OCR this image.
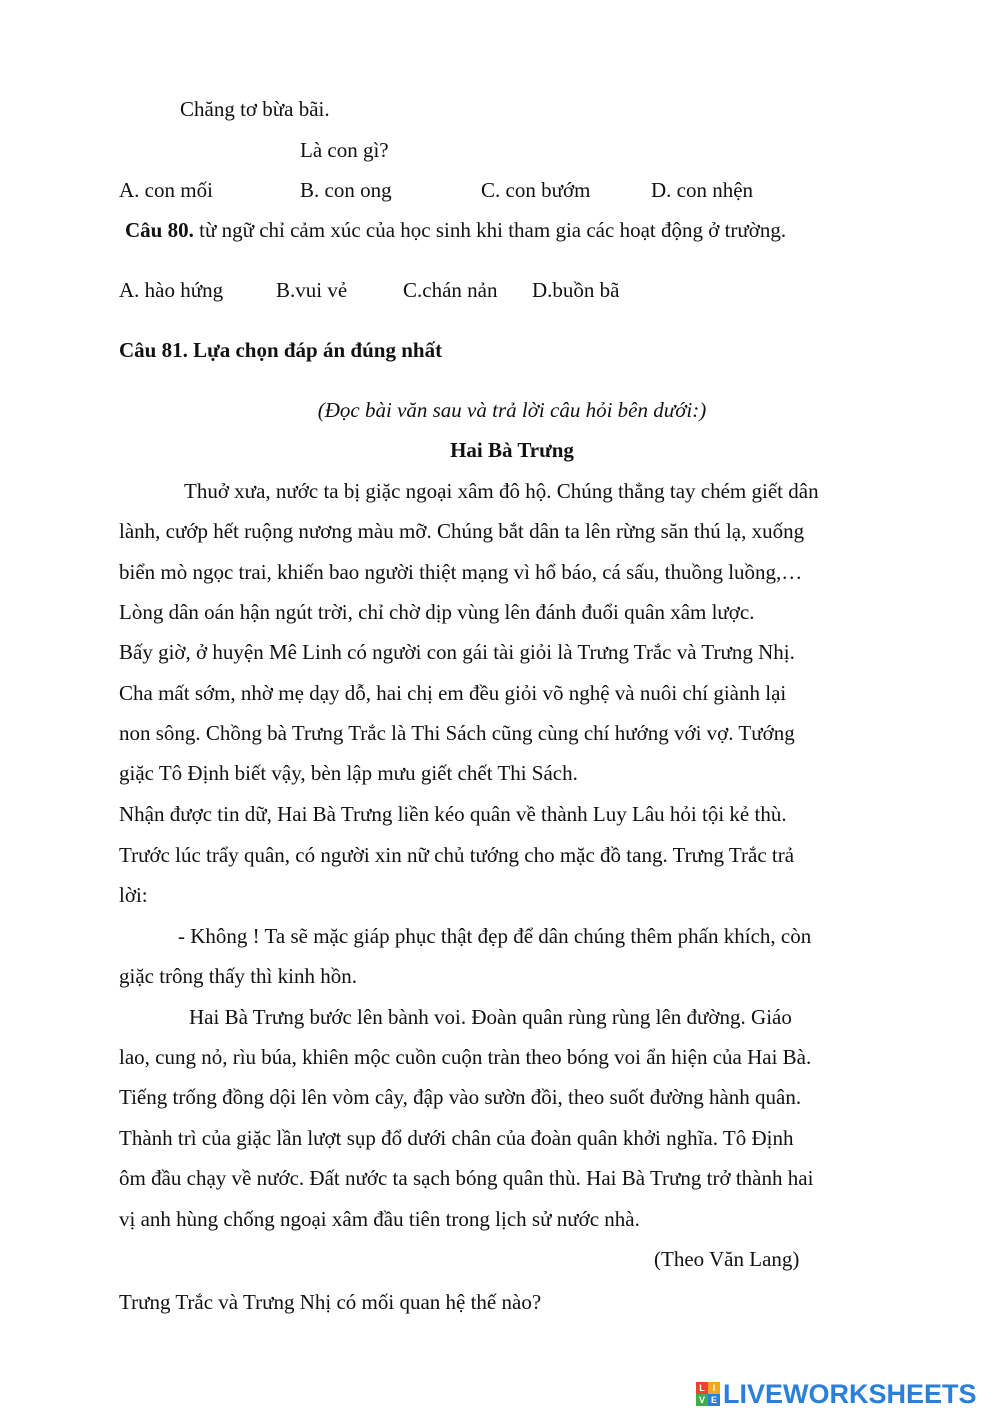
Chăng tơ bừa bãi.
Là con gì?
A. con mối	B. con ong	C. con bướm	D. con nhện
Câu 80. từ ngữ chỉ cảm xúc của học sinh khi tham gia các hoạt động ở trường.
A. hào hứng	B.vui vẻ	C.chán nản D.buồn bã
Câu 81. Lựa chọn đáp án đúng nhất
(Đọc bài văn sau và trả lời câu hỏi bên dưới:)
Hai Bà Trưng
Thuở xưa, nước ta bị giặc ngoại xâm đô hộ. Chúng thẳng tay chém giết dân
lành, cướp hết ruộng nương màu mỡ. Chúng bắt dân ta lên rừng săn thú lạ, xuống
biển mò ngọc trai, khiến bao người thiệt mạng vì hổ báo, cá sấu, thuồng luồng,…
Lòng dân oán hận ngút trời, chỉ chờ dịp vùng lên đánh đuổi quân xâm lược.
Bấy giờ, ở huyện Mê Linh có người con gái tài giỏi là Trưng Trắc và Trưng Nhị.
Cha mất sớm, nhờ mẹ dạy dỗ, hai chị em đều giỏi võ nghệ và nuôi chí giành lại
non sông. Chồng bà Trưng Trắc là Thi Sách cũng cùng chí hướng với vợ. Tướng
giặc Tô Định biết vậy, bèn lập mưu giết chết Thi Sách.
Nhận được tin dữ, Hai Bà Trưng liền kéo quân về thành Luy Lâu hỏi tội kẻ thù.
Trước lúc trẩy quân, có người xin nữ chủ tướng cho mặc đồ tang. Trưng Trắc trả
lời:
- Không ! Ta sẽ mặc giáp phục thật đẹp để dân chúng thêm phấn khích, còn
giặc trông thấy thì kinh hồn.
Hai Bà Trưng bước lên bành voi. Đoàn quân rùng rùng lên đường. Giáo
lao, cung nỏ, rìu búa, khiên mộc cuồn cuộn tràn theo bóng voi ẩn hiện của Hai Bà.
Tiếng trống đồng dội lên vòm cây, đập vào sườn đồi, theo suốt đường hành quân.
Thành trì của giặc lần lượt sụp đổ dưới chân của đoàn quân khởi nghĩa. Tô Định
ôm đầu chạy về nước. Đất nước ta sạch bóng quân thù. Hai Bà Trưng trở thành hai
vị anh hùng chống ngoại xâm đầu tiên trong lịch sử nước nhà.
(Theo Văn Lang)
Trưng Trắc và Trưng Nhị có mối quan hệ thế nào?
L I
V E LIVEWORKSHEETS
